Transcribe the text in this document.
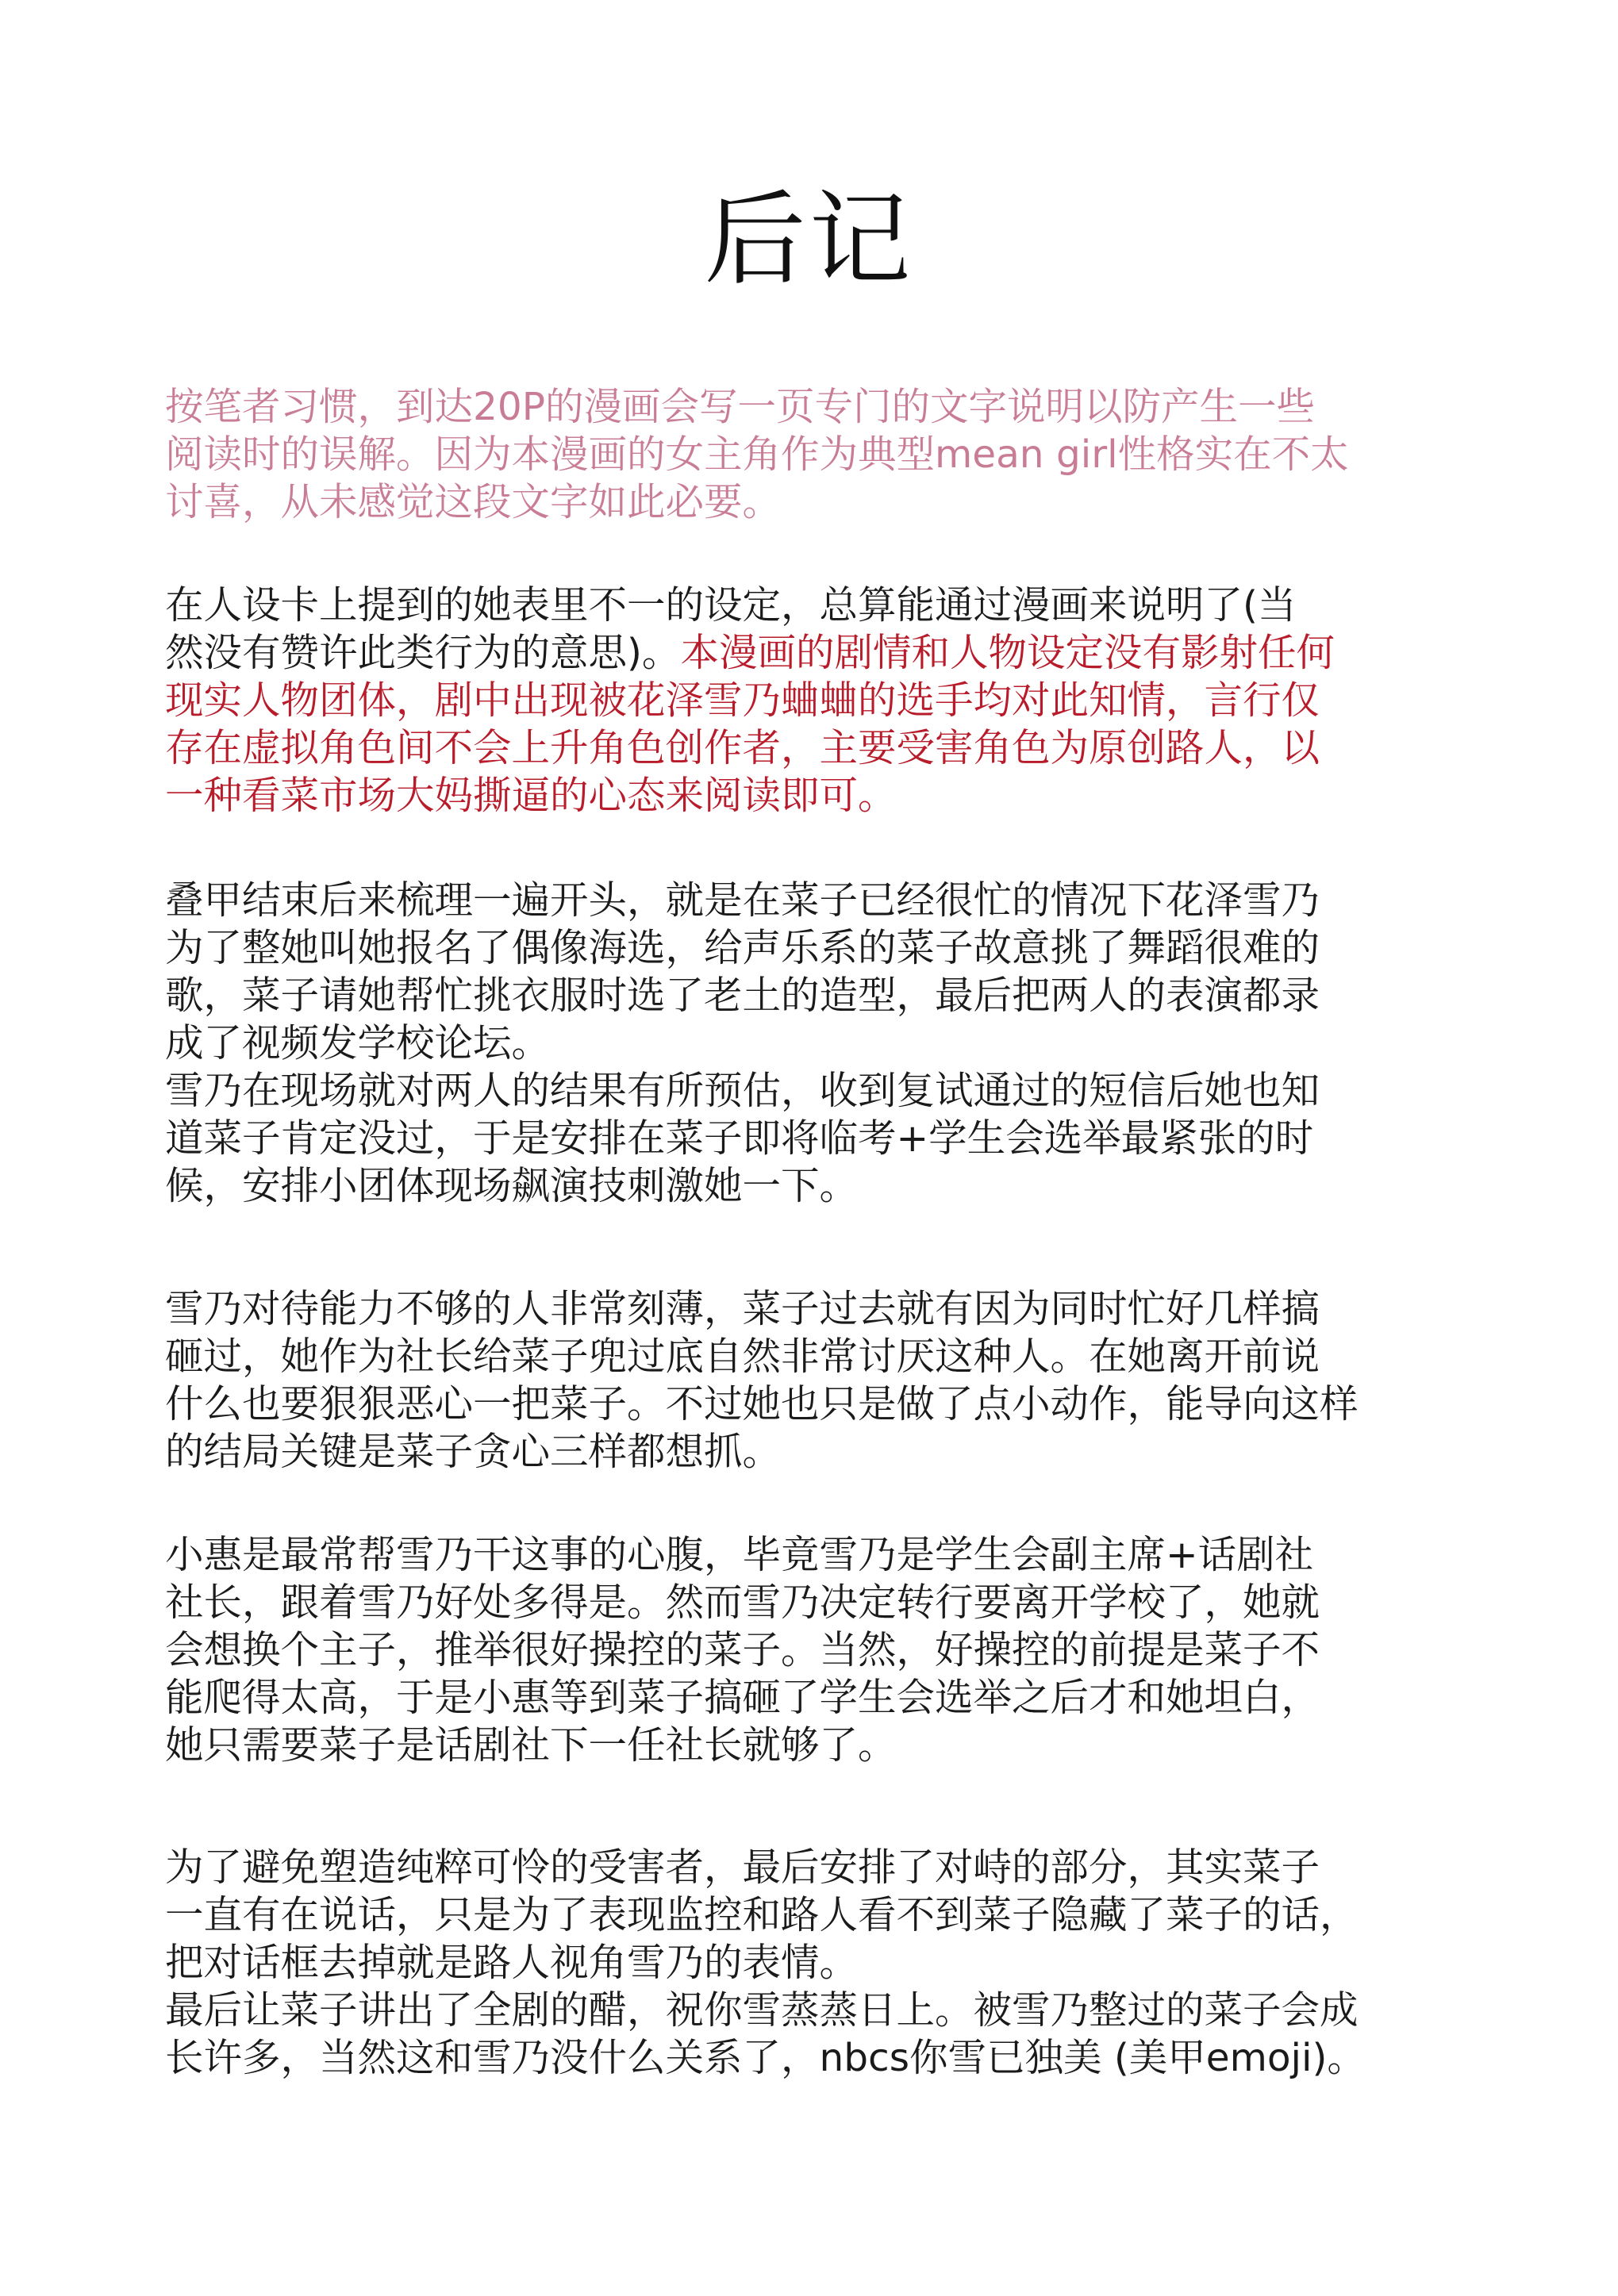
后记
按笔者习惯，到达20P的漫画会写一页专门的文字说明以防产生一些
阅读时的误解。因为本漫画的女主角作为典型mean girl性格实在不太
讨喜，从未感觉这段文字如此必要。
在人设卡上提到的她表里不一的设定，总算能通过漫画来说明了(当
然没有赞许此类行为的意思)。本漫画的剧情和人物设定没有影射任何
现实人物团体，剧中出现被花泽雪乃蛐蛐的选手均对此知情，言行仅
存在虚拟角色间不会上升角色创作者，主要受害角色为原创路人，以
一种看菜市场大妈撕逼的心态来阅读即可。
叠甲结束后来梳理一遍开头，就是在菜子已经很忙的情况下花泽雪乃
为了整她叫她报名了偶像海选，给声乐系的菜子故意挑了舞蹈很难的
歌，菜子请她帮忙挑衣服时选了老土的造型，最后把两人的表演都录
成了视频发学校论坛。
雪乃在现场就对两人的结果有所预估，收到复试通过的短信后她也知
道菜子肯定没过，于是安排在菜子即将临考+学生会选举最紧张的时
候，安排小团体现场飙演技刺激她一下。
雪乃对待能力不够的人非常刻薄，菜子过去就有因为同时忙好几样搞
砸过，她作为社长给菜子兜过底自然非常讨厌这种人。在她离开前说
什么也要狠狠恶心一把菜子。不过她也只是做了点小动作，能导向这样
的结局关键是菜子贪心三样都想抓。
小惠是最常帮雪乃干这事的心腹，毕竟雪乃是学生会副主席+话剧社
社长，跟着雪乃好处多得是。然而雪乃决定转行要离开学校了，她就
会想换个主子，推举很好操控的菜子。当然，好操控的前提是菜子不
能爬得太高，于是小惠等到菜子搞砸了学生会选举之后才和她坦白，
她只需要菜子是话剧社下一任社长就够了。
为了避免塑造纯粹可怜的受害者，最后安排了对峙的部分，其实菜子
一直有在说话，只是为了表现监控和路人看不到菜子隐藏了菜子的话，
把对话框去掉就是路人视角雪乃的表情。
最后让菜子讲出了全剧的醋，祝你雪蒸蒸日上。被雪乃整过的菜子会成
长许多，当然这和雪乃没什么关系了，nbcs你雪已独美 (美甲emoji)。
